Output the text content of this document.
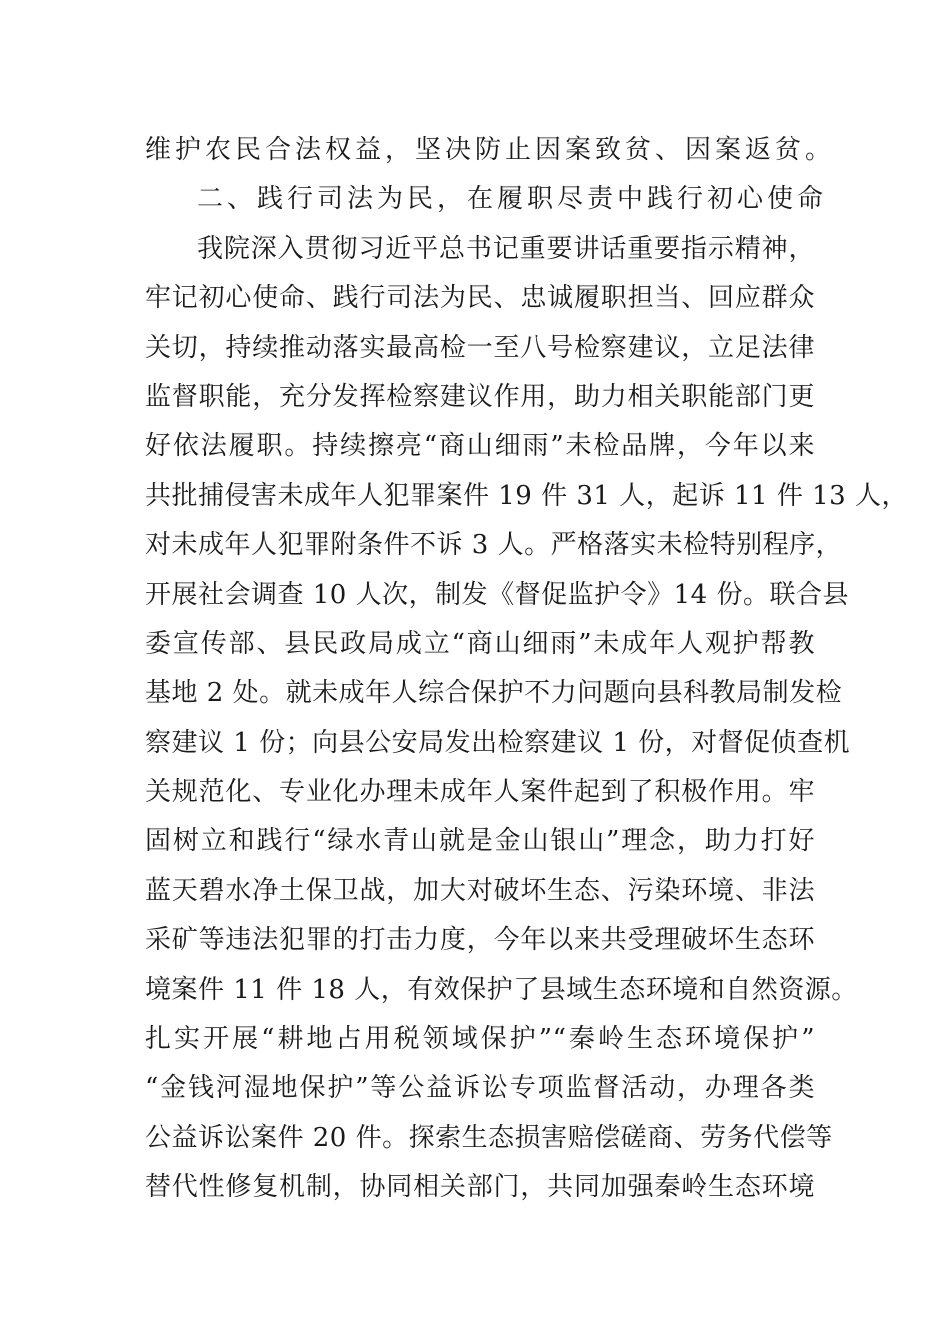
维护农民合法权益，坚决防止因案致贫、因案返贫。
二、践行司法为民，在履职尽责中践行初心使命
我院深入贯彻习近平总书记重要讲话重要指示精神，
牢记初心使命、践行司法为民、忠诚履职担当、回应群众
关切，持续推动落实最高检一至八号检察建议，立足法律
监督职能，充分发挥检察建议作用，助力相关职能部门更
好依法履职。持续擦亮“商山细雨”未检品牌，今年以来
共批捕侵害未成年人犯罪案件 19 件 31 人，起诉 11 件 13 人，
对未成年人犯罪附条件不诉 3 人。严格落实未检特别程序，
开展社会调查 10 人次，制发《督促监护令》14 份。联合县
委宣传部、县民政局成立“商山细雨”未成年人观护帮教
基地 2 处。就未成年人综合保护不力问题向县科教局制发检
察建议 1 份；向县公安局发出检察建议 1 份，对督促侦查机
关规范化、专业化办理未成年人案件起到了积极作用。牢
固树立和践行“绿水青山就是金山银山”理念，助力打好
蓝天碧水净土保卫战，加大对破坏生态、污染环境、非法
采矿等违法犯罪的打击力度，今年以来共受理破坏生态环
境案件 11 件 18 人，有效保护了县域生态环境和自然资源。
扎实开展“耕地占用税领域保护”“秦岭生态环境保护”
“金钱河湿地保护”等公益诉讼专项监督活动，办理各类
公益诉讼案件 20 件。探索生态损害赔偿磋商、劳务代偿等
替代性修复机制，协同相关部门，共同加强秦岭生态环境
